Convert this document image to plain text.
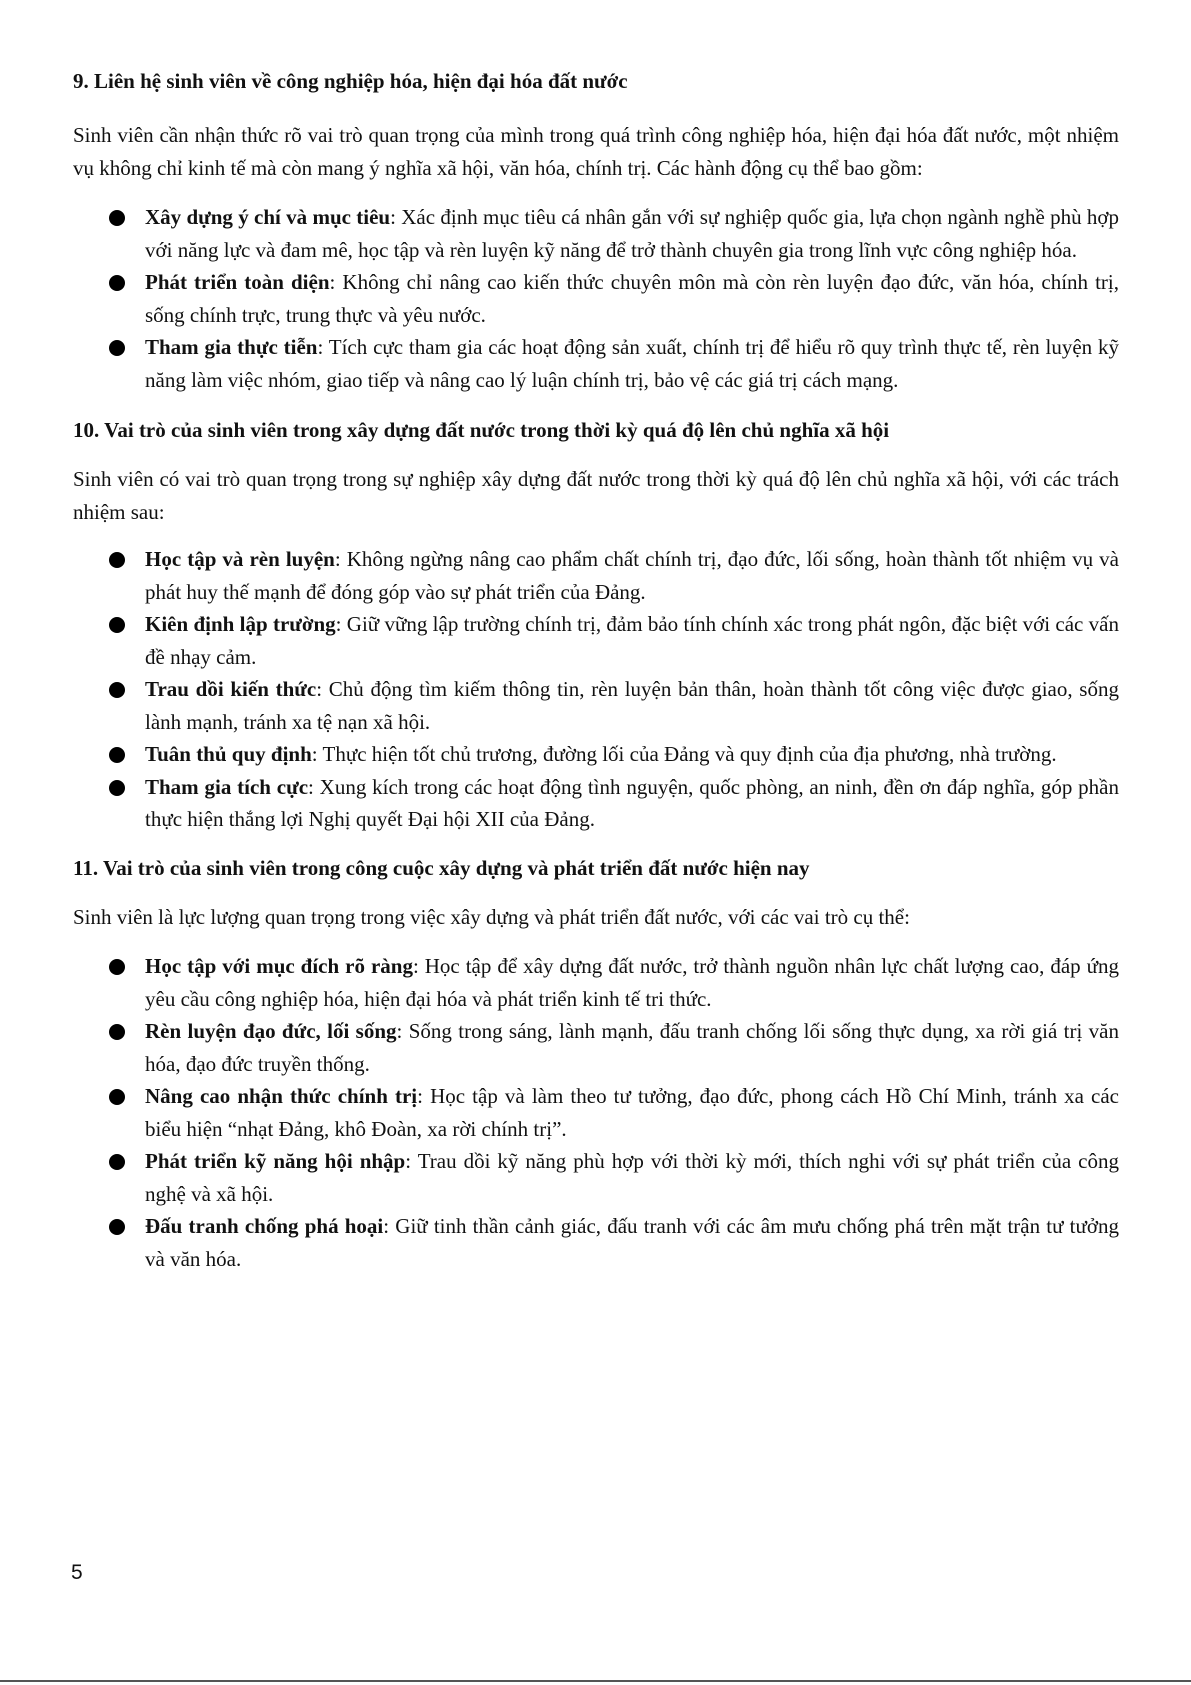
9. Liên hệ sinh viên về công nghiệp hóa, hiện đại hóa đất nước

Sinh viên cần nhận thức rõ vai trò quan trọng của mình trong quá trình công nghiệp hóa, hiện đại hóa đất nước, một nhiệm vụ không chỉ kinh tế mà còn mang ý nghĩa xã hội, văn hóa, chính trị. Các hành động cụ thể bao gồm:

Xây dựng ý chí và mục tiêu: Xác định mục tiêu cá nhân gắn với sự nghiệp quốc gia, lựa chọn ngành nghề phù hợp với năng lực và đam mê, học tập và rèn luyện kỹ năng để trở thành chuyên gia trong lĩnh vực công nghiệp hóa.
Phát triển toàn diện: Không chỉ nâng cao kiến thức chuyên môn mà còn rèn luyện đạo đức, văn hóa, chính trị, sống chính trực, trung thực và yêu nước.
Tham gia thực tiễn: Tích cực tham gia các hoạt động sản xuất, chính trị để hiểu rõ quy trình thực tế, rèn luyện kỹ năng làm việc nhóm, giao tiếp và nâng cao lý luận chính trị, bảo vệ các giá trị cách mạng.
10. Vai trò của sinh viên trong xây dựng đất nước trong thời kỳ quá độ lên chủ nghĩa xã hội

Sinh viên có vai trò quan trọng trong sự nghiệp xây dựng đất nước trong thời kỳ quá độ lên chủ nghĩa xã hội, với các trách nhiệm sau:

Học tập và rèn luyện: Không ngừng nâng cao phẩm chất chính trị, đạo đức, lối sống, hoàn thành tốt nhiệm vụ và phát huy thế mạnh để đóng góp vào sự phát triển của Đảng.
Kiên định lập trường: Giữ vững lập trường chính trị, đảm bảo tính chính xác trong phát ngôn, đặc biệt với các vấn đề nhạy cảm.
Trau dồi kiến thức: Chủ động tìm kiếm thông tin, rèn luyện bản thân, hoàn thành tốt công việc được giao, sống lành mạnh, tránh xa tệ nạn xã hội.
Tuân thủ quy định: Thực hiện tốt chủ trương, đường lối của Đảng và quy định của địa phương, nhà trường.
Tham gia tích cực: Xung kích trong các hoạt động tình nguyện, quốc phòng, an ninh, đền ơn đáp nghĩa, góp phần thực hiện thắng lợi Nghị quyết Đại hội XII của Đảng.
11. Vai trò của sinh viên trong công cuộc xây dựng và phát triển đất nước hiện nay

Sinh viên là lực lượng quan trọng trong việc xây dựng và phát triển đất nước, với các vai trò cụ thể:

Học tập với mục đích rõ ràng: Học tập để xây dựng đất nước, trở thành nguồn nhân lực chất lượng cao, đáp ứng yêu cầu công nghiệp hóa, hiện đại hóa và phát triển kinh tế tri thức.
Rèn luyện đạo đức, lối sống: Sống trong sáng, lành mạnh, đấu tranh chống lối sống thực dụng, xa rời giá trị văn hóa, đạo đức truyền thống.
Nâng cao nhận thức chính trị: Học tập và làm theo tư tưởng, đạo đức, phong cách Hồ Chí Minh, tránh xa các biểu hiện “nhạt Đảng, khô Đoàn, xa rời chính trị”.
Phát triển kỹ năng hội nhập: Trau dồi kỹ năng phù hợp với thời kỳ mới, thích nghi với sự phát triển của công nghệ và xã hội.
Đấu tranh chống phá hoại: Giữ tinh thần cảnh giác, đấu tranh với các âm mưu chống phá trên mặt trận tư tưởng và văn hóa.
5
